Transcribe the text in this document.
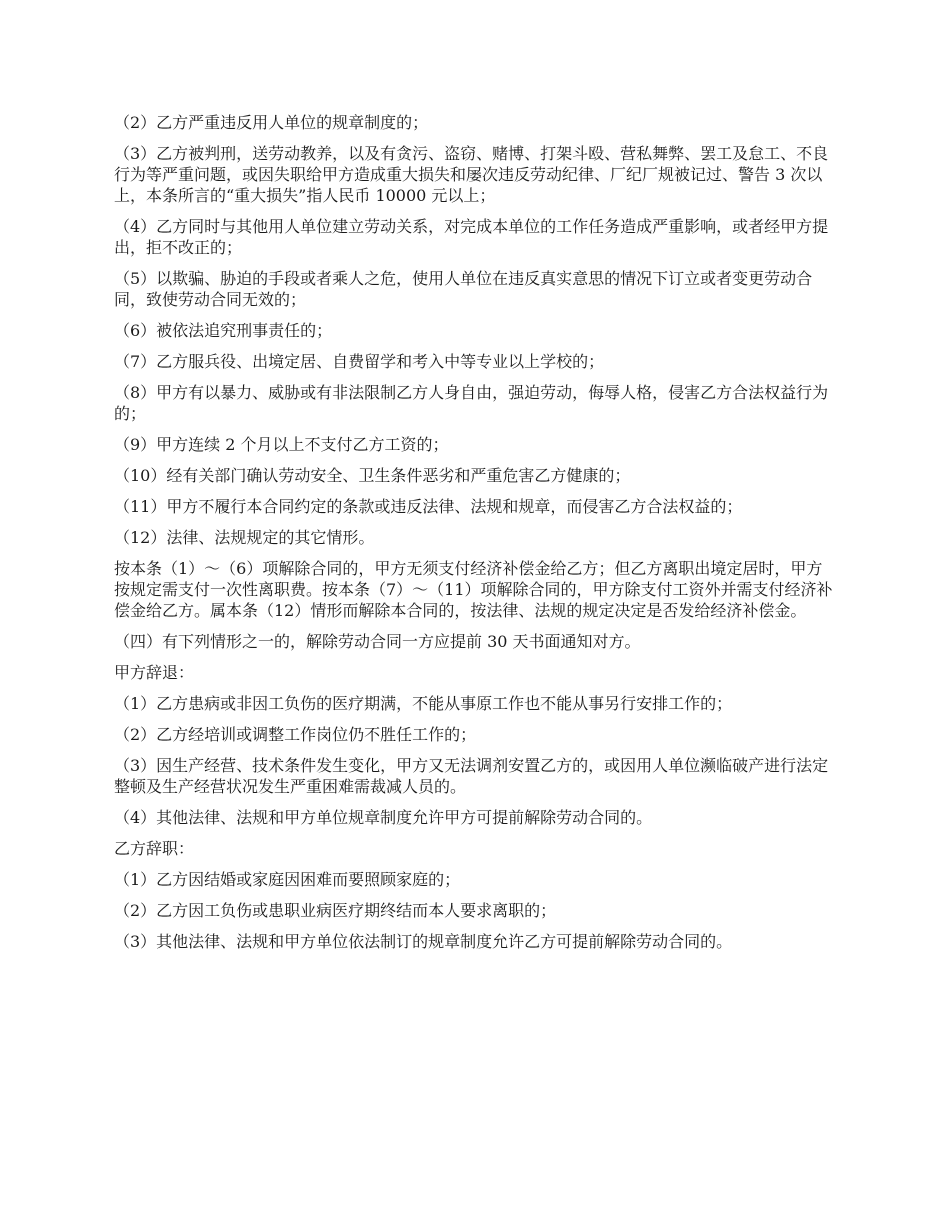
（2）乙方严重违反用人单位的规章制度的；

（3）乙方被判刑，送劳动教养，以及有贪污、盗窃、赌博、打架斗殴、营私舞弊、罢工及怠工、不良行为等严重问题，或因失职给甲方造成重大损失和屡次违反劳动纪律、厂纪厂规被记过、警告 3 次以上，本条所言的“重大损失”指人民币 10000 元以上；

（4）乙方同时与其他用人单位建立劳动关系，对完成本单位的工作任务造成严重影响，或者经甲方提出，拒不改正的；

（5）以欺骗、胁迫的手段或者乘人之危，使用人单位在违反真实意思的情况下订立或者变更劳动合同，致使劳动合同无效的；

（6）被依法追究刑事责任的；

（7）乙方服兵役、出境定居、自费留学和考入中等专业以上学校的；

（8）甲方有以暴力、威胁或有非法限制乙方人身自由，强迫劳动，侮辱人格，侵害乙方合法权益行为的；

（9）甲方连续 2 个月以上不支付乙方工资的；

（10）经有关部门确认劳动安全、卫生条件恶劣和严重危害乙方健康的；

（11）甲方不履行本合同约定的条款或违反法律、法规和规章，而侵害乙方合法权益的；

（12）法律、法规规定的其它情形。

按本条（1）～（6）项解除合同的，甲方无须支付经济补偿金给乙方；但乙方离职出境定居时，甲方按规定需支付一次性离职费。按本条（7）～（11）项解除合同的，甲方除支付工资外并需支付经济补偿金给乙方。属本条（12）情形而解除本合同的，按法律、法规的规定决定是否发给经济补偿金。

（四）有下列情形之一的，解除劳动合同一方应提前 30 天书面通知对方。

甲方辞退：

（1）乙方患病或非因工负伤的医疗期满，不能从事原工作也不能从事另行安排工作的；

（2）乙方经培训或调整工作岗位仍不胜任工作的；

（3）因生产经营、技术条件发生变化，甲方又无法调剂安置乙方的，或因用人单位濒临破产进行法定整顿及生产经营状况发生严重困难需裁减人员的。

（4）其他法律、法规和甲方单位规章制度允许甲方可提前解除劳动合同的。

乙方辞职：

（1）乙方因结婚或家庭因困难而要照顾家庭的；

（2）乙方因工负伤或患职业病医疗期终结而本人要求离职的；

（3）其他法律、法规和甲方单位依法制订的规章制度允许乙方可提前解除劳动合同的。
